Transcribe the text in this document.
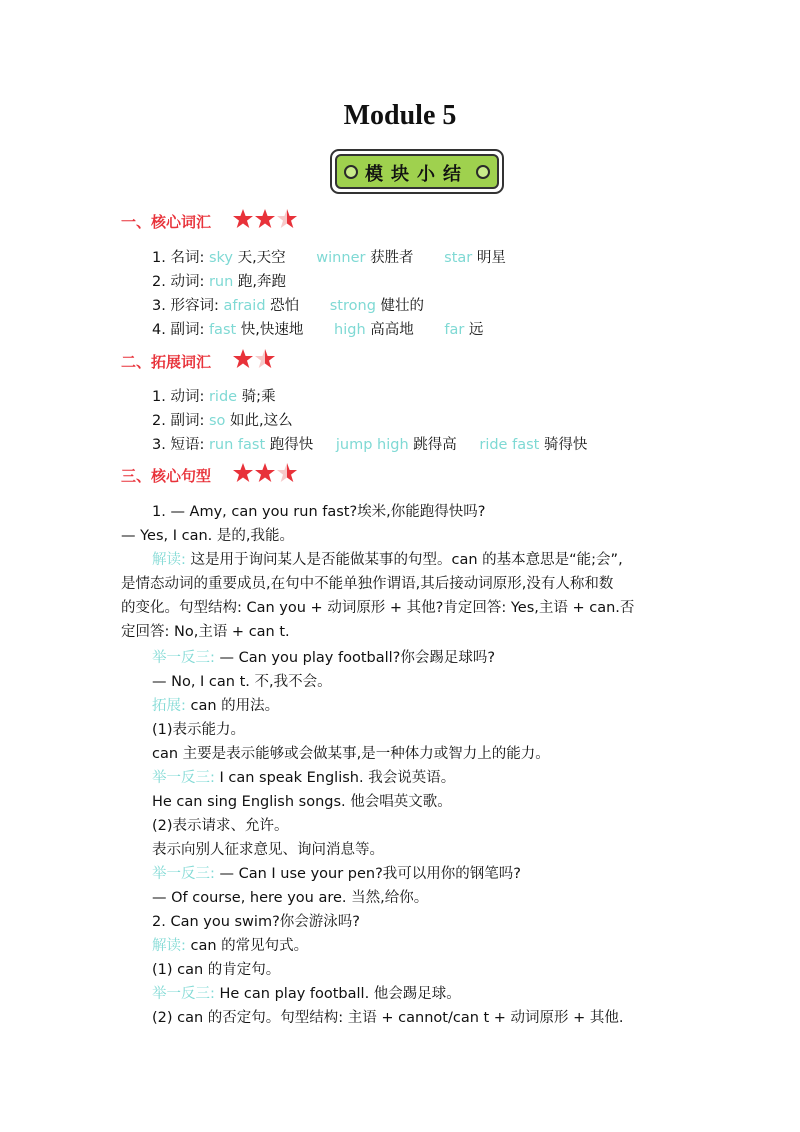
Module 5
模块小结
一、核心词汇
1. 名词: sky 天,天空 winner 获胜者 star 明星
2. 动词: run 跑,奔跑
3. 形容词: afraid 恐怕 strong 健壮的
4. 副词: fast 快,快速地 high 高高地 far 远
二、拓展词汇
1. 动词: ride 骑;乘
2. 副词: so 如此,这么
3. 短语: run fast 跑得快 jump high 跳得高 ride fast 骑得快
三、核心句型
1. — Amy, can you run fast?埃米,你能跑得快吗?
— Yes, I can. 是的,我能。
解读: 这是用于询问某人是否能做某事的句型。can 的基本意思是“能;会”,
是情态动词的重要成员,在句中不能单独作谓语,其后接动词原形,没有人称和数
的变化。句型结构: Can you + 动词原形 + 其他?肯定回答: Yes,主语 + can.否
定回答: No,主语 + can t.
举一反三: — Can you play football?你会踢足球吗?
— No, I can t. 不,我不会。
拓展: can 的用法。
(1)表示能力。
can 主要是表示能够或会做某事,是一种体力或智力上的能力。
举一反三: I can speak English. 我会说英语。
He can sing English songs. 他会唱英文歌。
(2)表示请求、允许。
表示向别人征求意见、询问消息等。
举一反三: — Can I use your pen?我可以用你的钢笔吗?
— Of course, here you are. 当然,给你。
2. Can you swim?你会游泳吗?
解读: can 的常见句式。
(1) can 的肯定句。
举一反三: He can play football. 他会踢足球。
(2) can 的否定句。句型结构: 主语 + cannot/can t + 动词原形 + 其他.
